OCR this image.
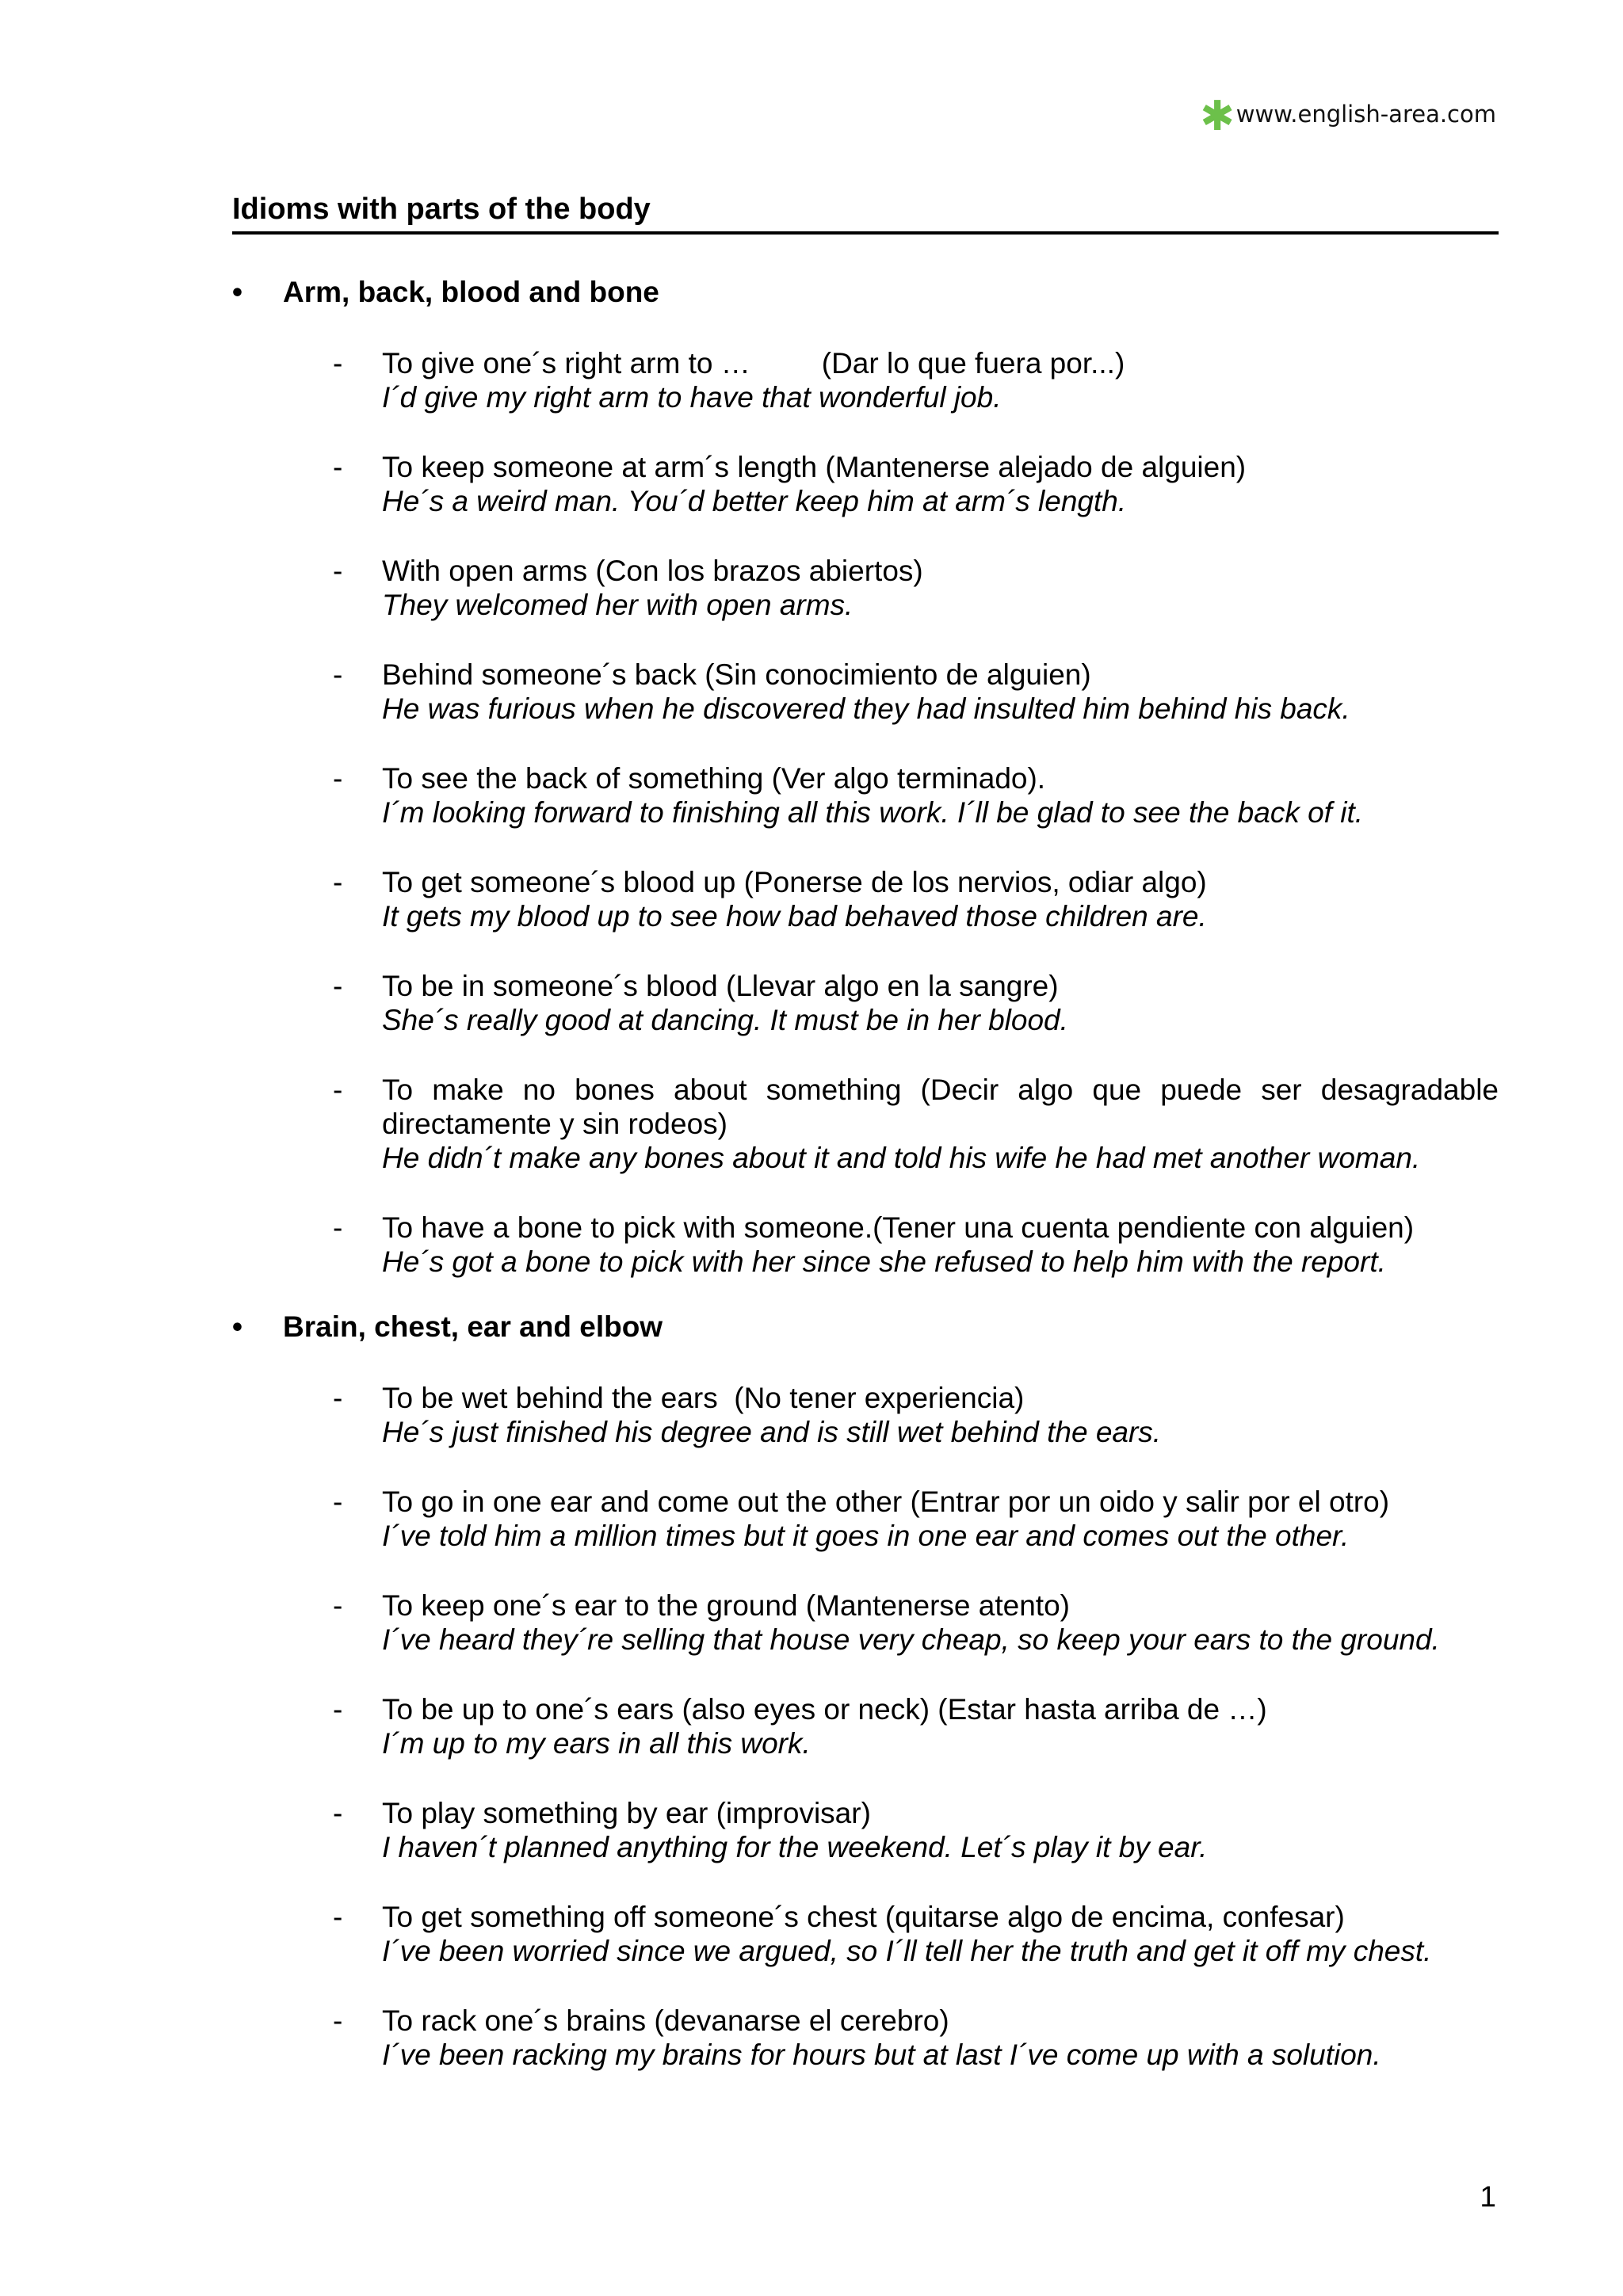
✱ www.english-area.com
Idioms with parts of the body
•	Arm, back, blood and bone
- To give one´s right arm to … (Dar lo que fuera por...)
I´d give my right arm to have that wonderful job.
- To keep someone at arm´s length (Mantenerse alejado de alguien)
He´s a weird man. You´d better keep him at arm´s length.
- With open arms (Con los brazos abiertos)
They welcomed her with open arms.
- Behind someone´s back (Sin conocimiento de alguien)
He was furious when he discovered they had insulted him behind his back.
- To see the back of something (Ver algo terminado).
I´m looking forward to finishing all this work. I´ll be glad to see the back of it.
- To get someone´s blood up (Ponerse de los nervios, odiar algo)
It gets my blood up to see how bad behaved those children are.
- To be in someone´s blood (Llevar algo en la sangre)
She´s really good at dancing. It must be in her blood.
- To make no bones about something (Decir algo que puede ser desagradable directamente y sin rodeos)
He didn´t make any bones about it and told his wife he had met another woman.
- To have a bone to pick with someone.(Tener una cuenta pendiente con alguien)
He´s got a bone to pick with her since she refused to help him with the report.
•	Brain, chest, ear and elbow
- To be wet behind the ears  (No tener experiencia)
He´s just finished his degree and is still wet behind the ears.
- To go in one ear and come out the other (Entrar por un oido y salir por el otro)
I´ve told him a million times but it goes in one ear and comes out the other.
- To keep one´s ear to the ground (Mantenerse atento)
I´ve heard they´re selling that house very cheap, so keep your ears to the ground.
- To be up to one´s ears (also eyes or neck) (Estar hasta arriba de …)
I´m up to my ears in all this work.
- To play something by ear (improvisar)
I haven´t planned anything for the weekend. Let´s play it by ear.
- To get something off someone´s chest (quitarse algo de encima, confesar)
I´ve been worried since we argued, so I´ll tell her the truth and get it off my chest.
- To rack one´s brains (devanarse el cerebro)
I´ve been racking my brains for hours but at last I´ve come up with a solution.
1
